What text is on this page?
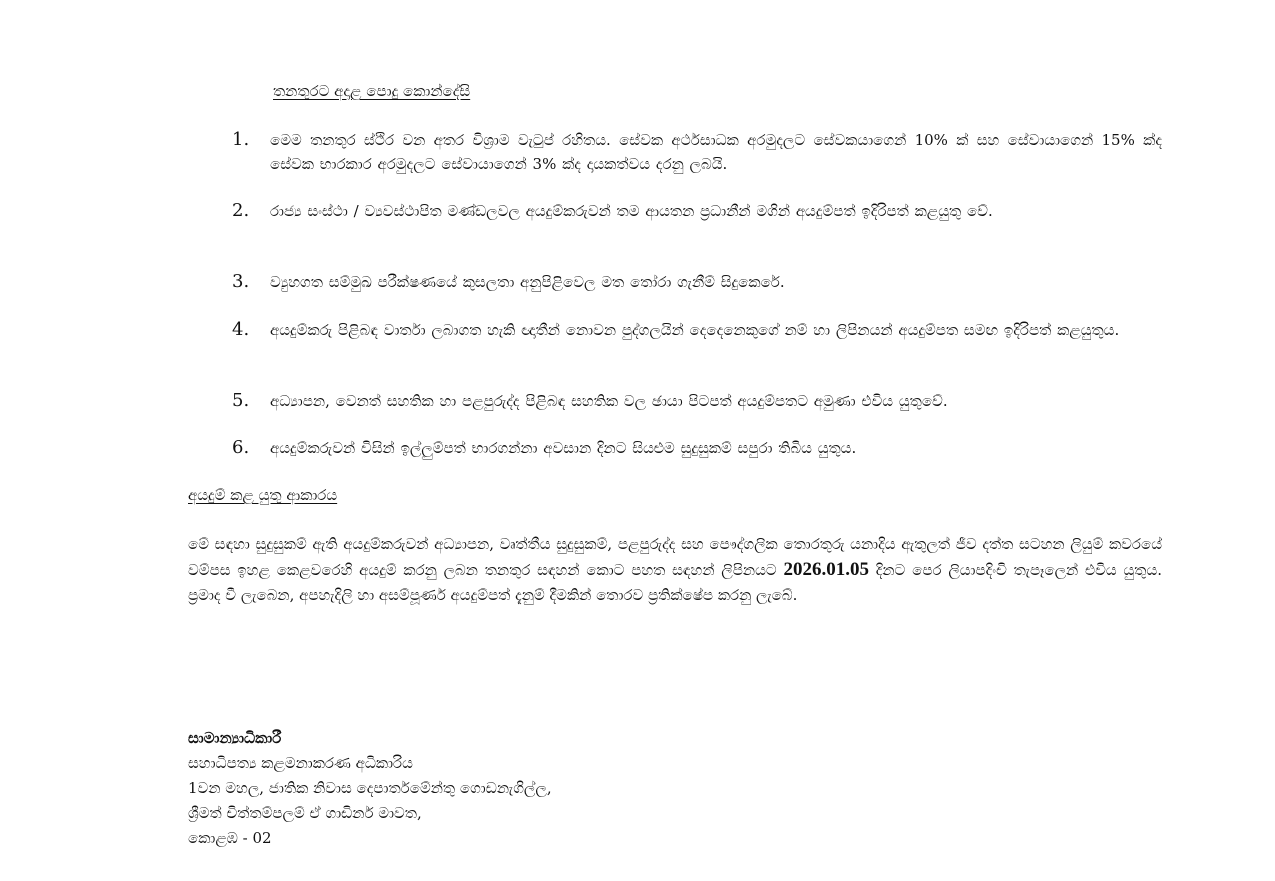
තනතුරට අදාළ පොදු කොන්දේසි
1.	මෙම තනතුර ස්ථිර වන අතර විශ්‍රාම වැටුප් රහිතය. සේවක අර්ථසාධක අරමුදලට සේවකයාගෙන් 10% ක් සහ සේවායාගෙන් 15% ක්ද සේවක භාරකාර අරමුදලට සේවායාගෙන් 3% ක්ද දායකත්වය දරනු ලබයි.

2.	රාජ්‍ය සංස්ථා / ව්‍යවස්ථාපිත මණ්ඩලවල අයදුම්කරුවන් තම ආයතන ප්‍රධානීන් මගින් අයදුම්පත් ඉදිරිපත් කළයුතු වේ.

3.	ව්‍යුහගත සම්මුඛ පරීක්ෂණයේ කුසලතා අනුපිළිවෙල මත තෝරා ගැනීම් සිදුකෙරේ.

4.	අයදුම්කරු පිළිබඳ වාර්තා ලබාගත හැකි ඥාතීන් නොවන පුද්ගලයින් දෙදෙනෙකුගේ නම් හා ලිපිනයන් අයදුම්පත සමඟ ඉදිරිපත් කළයුතුය.

5.	අධ්‍යාපන, වෙනත් සහතික හා පළපුරුද්ද පිළිබඳ සහතික වල ඡායා පිටපත් අයදුම්පතට අමුණා එවිය යුතුවේ.

6.	අයදුම්කරුවන් විසින් ඉල්ලුම්පත් භාරගන්නා අවසාන දිනට සියළුම සුදුසුකම් සපුරා තිබිය යුතුය.

අයදුම් කළ යුතු ආකාරය

මේ සඳහා සුදුසුකම් ඇති අයදුම්කරුවන් අධ්‍යාපන, වෘත්තීය සුදුසුකම්, පළපුරුද්ද සහ පෞද්ගලික තොරතුරු යනාදිය ඇතුලත් ජීව දත්ත සටහන ලියුම් කවරයේ වම්පස ඉහළ කෙළවරෙහි අයදුම් කරනු ලබන තනතුර සඳහන් කොට පහත සඳහන් ලිපිනයට 2026.01.05 දිනට පෙර ලියාපදිංචි තැපෑලෙන් එවිය යුතුය. ප්‍රමාද වී ලැබෙන, අපහැදිලි හා අසම්පූර්ණ අයදුම්පත් දැනුම් දීමකින් තොරව ප්‍රතික්ෂේප කරනු ලැබේ.

සාමාන්‍යාධිකාරී
සහාධිපත්‍ය කළමනාකරණ අධිකාරිය
1වන මහල, ජාතික නිවාස දෙපාර්තමේන්තු ගොඩනැගිල්ල,
ශ්‍රීමත් චිත්තම්පලම් ඒ ගාඩිනර් මාවත,
කොළඹ - 02
